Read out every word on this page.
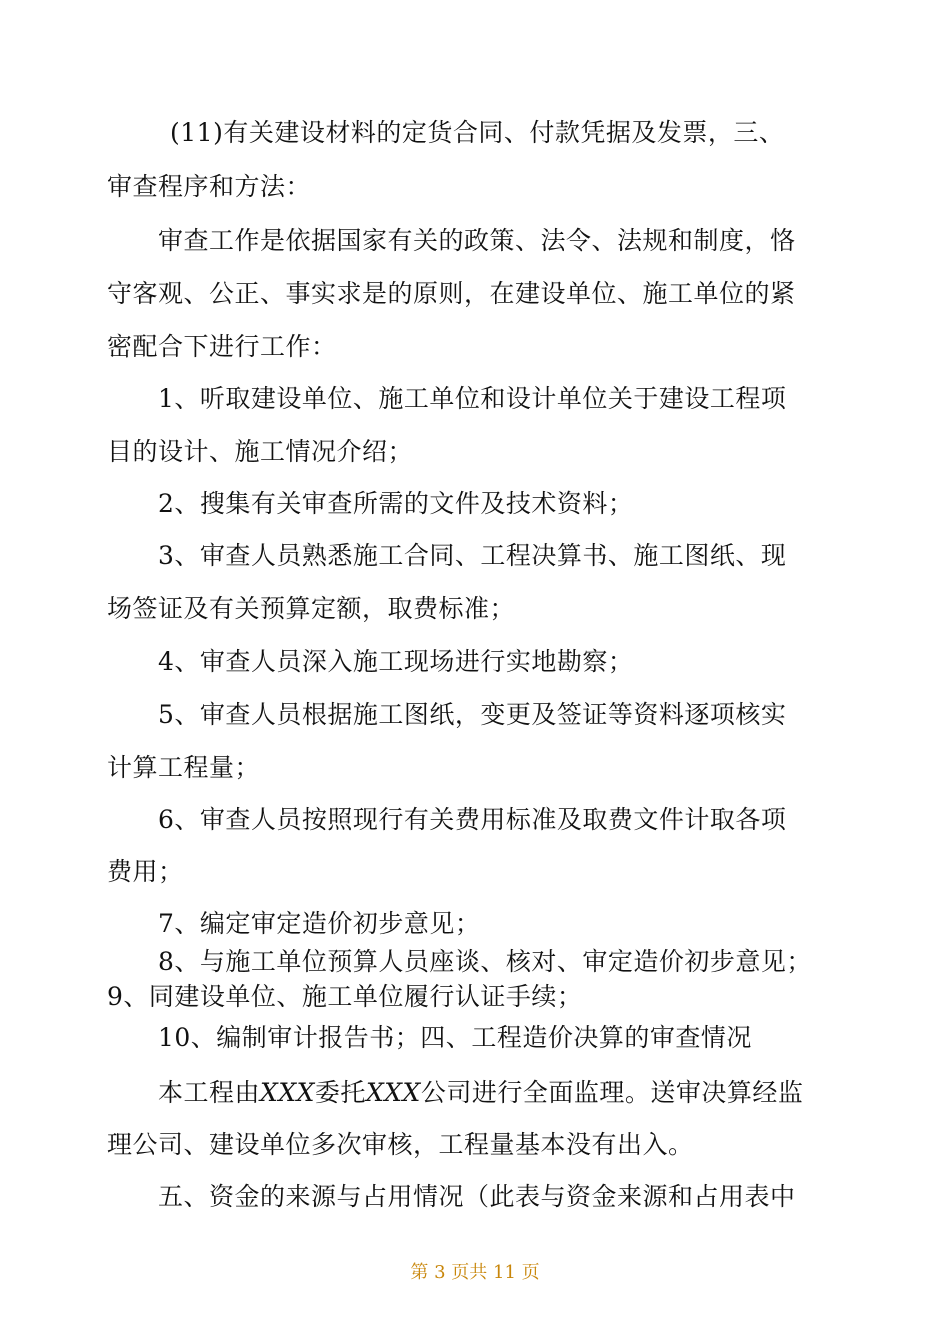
(11)有关建设材料的定货合同、付款凭据及发票，三、
审查程序和方法：
审查工作是依据国家有关的政策、法令、法规和制度，恪
守客观、公正、事实求是的原则，在建设单位、施工单位的紧
密配合下进行工作：
1、听取建设单位、施工单位和设计单位关于建设工程项
目的设计、施工情况介绍；
2、搜集有关审查所需的文件及技术资料；
3、审查人员熟悉施工合同、工程决算书、施工图纸、现
场签证及有关预算定额，取费标准；
4、审查人员深入施工现场进行实地勘察；
5、审查人员根据施工图纸，变更及签证等资料逐项核实
计算工程量；
6、审查人员按照现行有关费用标准及取费文件计取各项
费用；
7、编定审定造价初步意见；
8、与施工单位预算人员座谈、核对、审定造价初步意见；
9、同建设单位、施工单位履行认证手续；
10、编制审计报告书；四、工程造价决算的审查情况
本工程由XXX委托XXX公司进行全面监理。送审决算经监
理公司、建设单位多次审核，工程量基本没有出入。
五、资金的来源与占用情况（此表与资金来源和占用表中
第 3 页共 11 页
